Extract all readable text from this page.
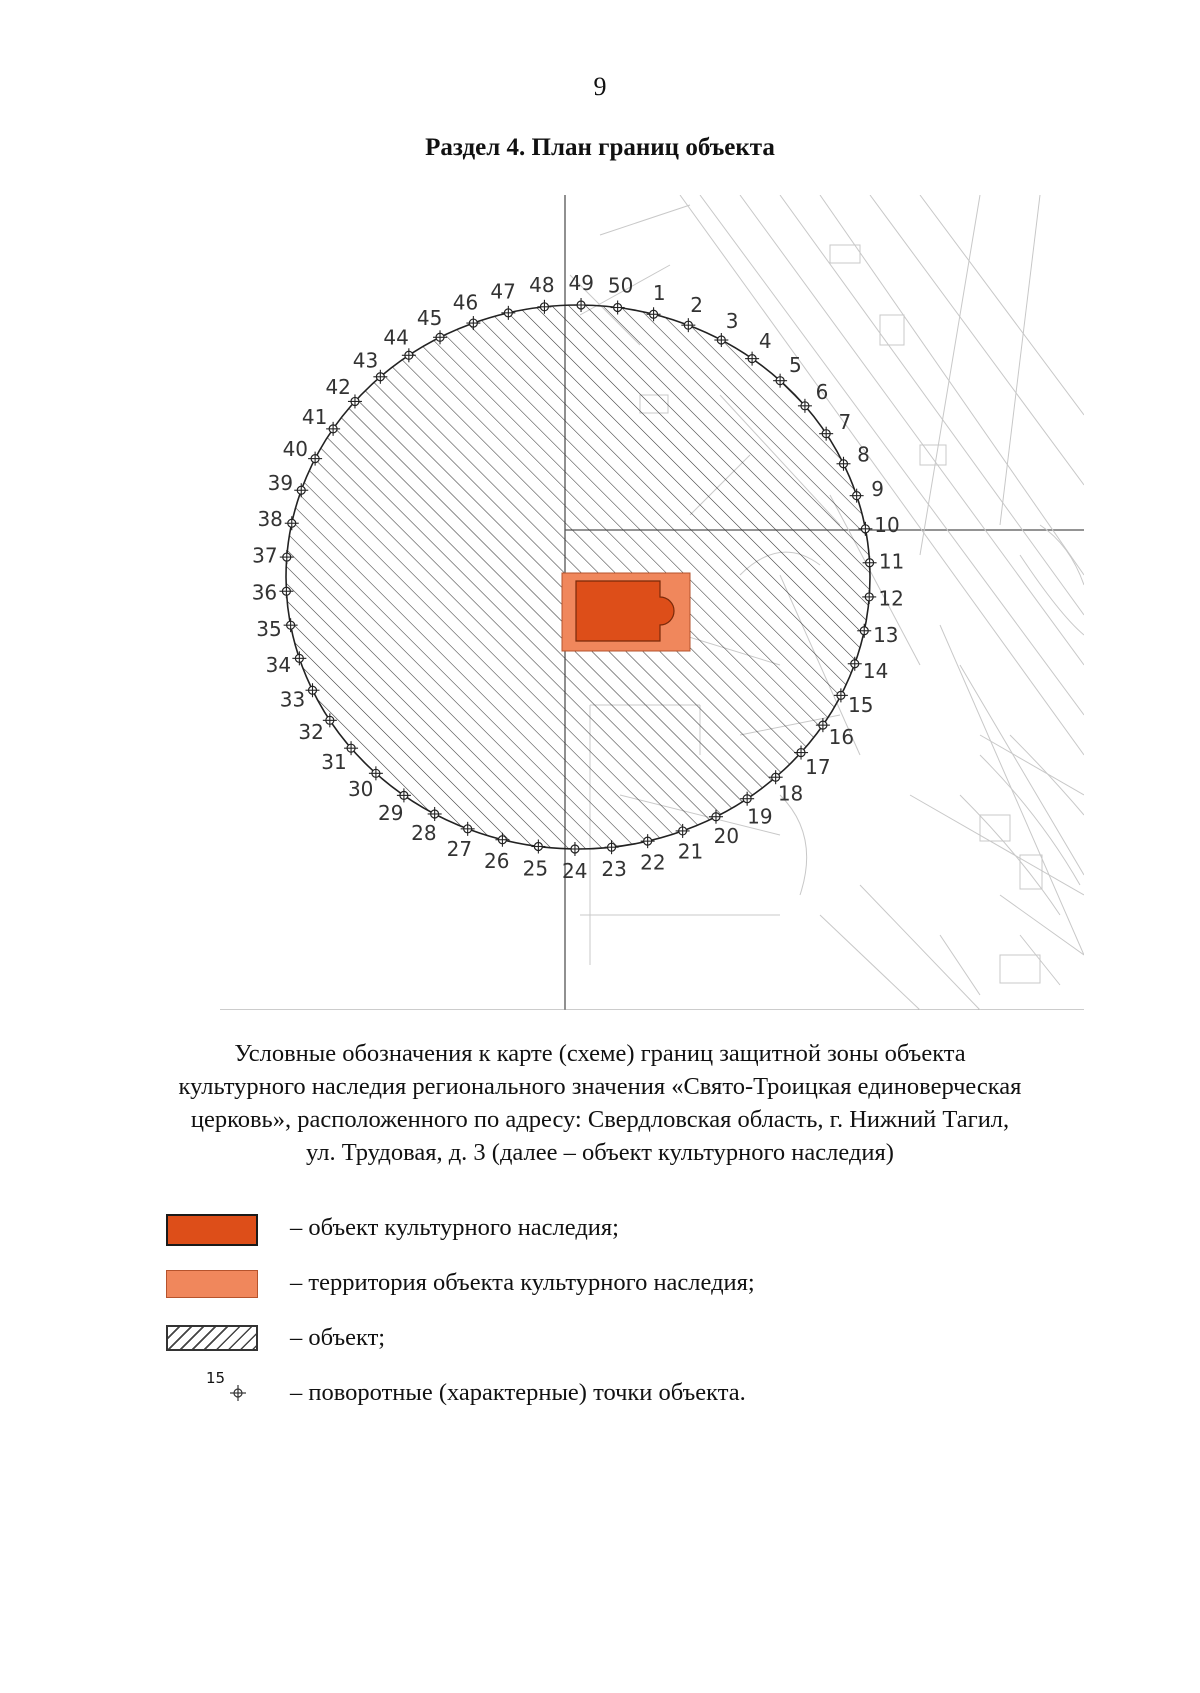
9
Раздел 4. План границ объекта
1 2
3
4
5
6
7
8
9
10
11
12
13
14
15
16
17
18
19
20
21
22
23
24
25
26
27
28
29
30
31
32
33
34
35
36
37
38
39
40
41
42
43
44
45
46 47 48 49 50
Условные обозначения к карте (схеме) границ защитной зоны объекта
культурного наследия регионального значения «Свято-Троицкая единоверческая
церковь», расположенного по адресу: Свердловская область, г. Нижний Тагил,
ул. Трудовая, д. 3 (далее – объект культурного наследия)
– объект культурного наследия;
– территория объекта культурного наследия;
– объект;
15
– поворотные (характерные) точки объекта.
